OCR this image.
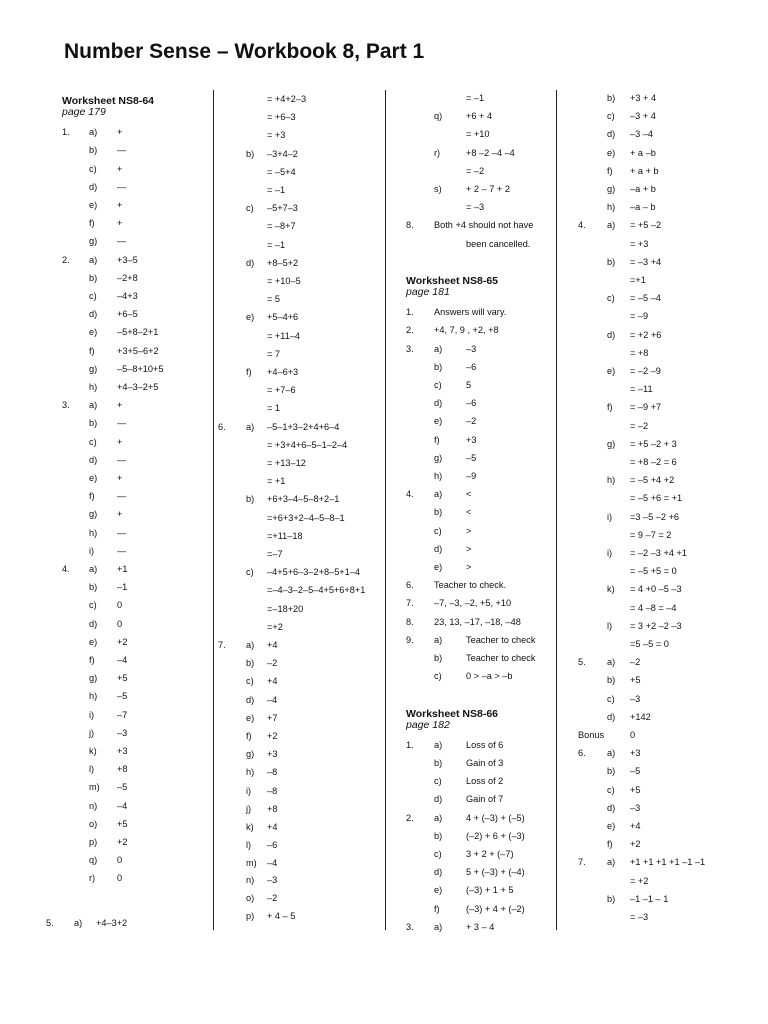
Number Sense – Workbook 8, Part 1
Worksheet NS8-64
page 179
1. a) +
b) —
c) +
d) —
e) +
f) +
g) —
2. a) +3–5
b) –2+8
c) –4+3
d) +6–5
e) –5+8–2+1
f) +3+5–6+2
g) –5–8+10+5
h) +4–3–2+5
3. a) +
b) —
c) +
d) —
e) +
f) —
g) +
h) —
i) —
4. a) +1
b) –1
c) 0
d) 0
e) +2
f) –4
g) +5
h) –5
i) –7
j) –3
k) +3
l) +8
m) –5
n) –4
o) +5
p) +2
q) 0
r) 0
= +4+2–3
= +6–3
= +3
b) –3+4–2
= –5+4
= –1
c) –5+7–3
= –8+7
= –1
d) +8–5+2
= +10–5
= 5
e) +5–4+6
= +11–4
= 7
f) +4–6+3
= +7–6
= 1
6. a) –5–1+3–2+4+6–4
= +3+4+6–5–1–2–4
= +13–12
= +1
b) +6+3–4–5–8+2–1
=+6+3+2–4–5–8–1
=+11–18
=–7
c) –4+5+6–3–2+8–5+1–4
=–4–3–2–5–4+5+6+8+1
=–18+20
=+2
7. a) +4
b) –2
c) +4
d) –4
e) +7
f) +2
g) +3
h) –8
i) –8
j) +8
k) +4
l) –6
m) –4
= –1
q)	+6 + 4
= +10
r)	+8 –2 –4 –4
= –2
s)	+ 2 – 7 + 2
= –3
8. Both +4 should not have
been cancelled.
Worksheet NS8-65
page 181
1. Answers will vary.
2. +4, 7, 9 , +2, +8
3. a)	–3
b)	–6
c)	5
d)	–6
e)	–2
f)	+3
g)	–5
h)	–9
4. a)	<
b)	<
c)	>
d)	>
e)	>
6. Teacher to check.
7. –7, –3, –2, +5, +10
8. 23, 13, –17, –18, –48
9. a)	Teacher to check
b)	Teacher to check
c)	0 > –a > –b
Worksheet NS8-66
page 182
1. a)	Loss of 6
b)	Gain of 3
c)	Loss of 2
d)	Gain of 7
2. a)	4 + (–3) + (–5)
b)	(–2) + 6 + (–3)
c)	3 + 2 + (–7)
d)	5 + (–3) + (–4)
e)	(–3) + 1 + 5
f)	(–3) + 4 + (–2)
3. a)	+ 3 – 4
b) +3 + 4
c) –3 + 4
d) –3 –4
e) + a –b
f) + a + b
g) –a + b
h) –a – b
4. a) = +5 –2
= +3
b) = –3 +4
=+1
c) = –5 –4
= –9
d) = +2 +6
= +8
e) = –2 –9
= –11
f) = –9 +7
= –2
g) = +5 –2 + 3
= +8 –2 = 6
h) = –5 +4 +2
= –5 +6 = +1
i) =3 –5 –2 +6
= 9 –7 = 2
i) = –2 –3 +4 +1
= –5 +5 = 0
k) = 4 +0 –5 –3
= 4 –8 = –4
l) = 3 +2 –2 –3
=5 –5 = 0
5. a) –2
b) +5
c) –3
d) +142
Bonus	0
6. a) +3
b) –5
c) +5
d) –3
e) +4
f) +2
7. a) +1 +1 +1 +1 –1 –1
= +2
b) –1 –1 – 1
= –3
n) –3
o) –2
p) + 4 – 5
5. a) +4–3+2
